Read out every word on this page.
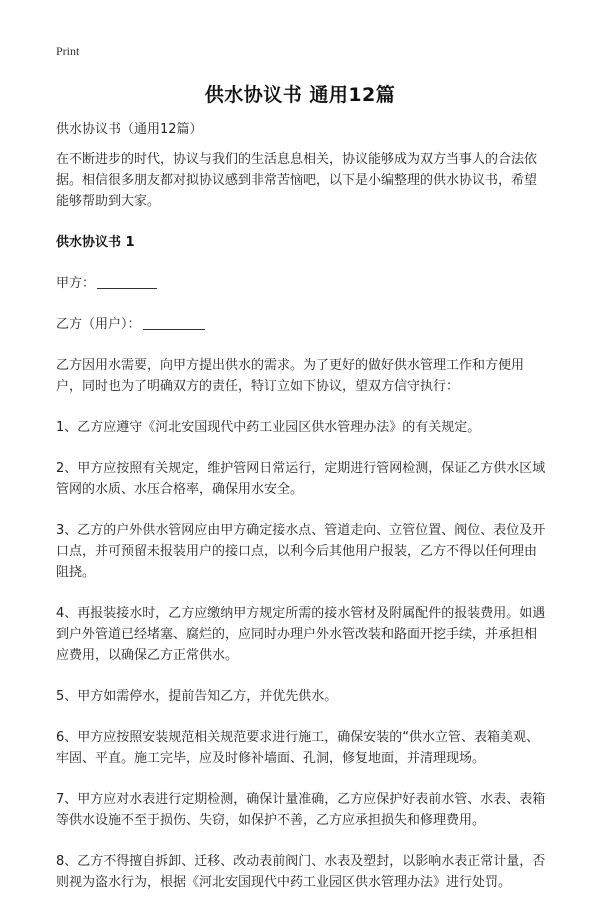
Print
供水协议书 通用12篇

供水协议书（通用12篇）

在不断进步的时代，协议与我们的生活息息相关，协议能够成为双方当事人的合法依据。相信很多朋友都对拟协议感到非常苦恼吧，以下是小编整理的供水协议书，希望能够帮助到大家。

供水协议书 1

甲方：
乙方（用户）：

乙方因用水需要，向甲方提出供水的需求。为了更好的做好供水管理工作和方便用户，同时也为了明确双方的责任，特订立如下协议，望双方信守执行：

1、乙方应遵守《河北安国现代中药工业园区供水管理办法》的有关规定。

2、甲方应按照有关规定，维护管网日常运行，定期进行管网检测，保证乙方供水区域管网的水质、水压合格率，确保用水安全。

3、乙方的户外供水管网应由甲方确定接水点、管道走向、立管位置、阀位、表位及开口点，并可预留未报装用户的接口点，以利今后其他用户报装，乙方不得以任何理由阻挠。

4、再报装接水时，乙方应缴纳甲方规定所需的接水管材及附属配件的报装费用。如遇到户外管道已经堵塞、腐烂的，应同时办理户外水管改装和路面开挖手续，并承担相应费用，以确保乙方正常供水。

5、甲方如需停水，提前告知乙方，并优先供水。

6、甲方应按照安装规范相关规范要求进行施工，确保安装的“供水立管、表箱美观、牢固、平直。施工完毕，应及时修补墙面、孔洞，修复地面，并清理现场。

7、甲方应对水表进行定期检测，确保计量准确，乙方应保护好表前水管、水表、表箱等供水设施不至于损伤、失窃，如保护不善，乙方应承担损失和修理费用。

8、乙方不得擅自拆卸、迁移、改动表前阀门、水表及塑封，以影响水表正常计量，否则视为盗水行为，根据《河北安国现代中药工业园区供水管理办法》进行处罚。
